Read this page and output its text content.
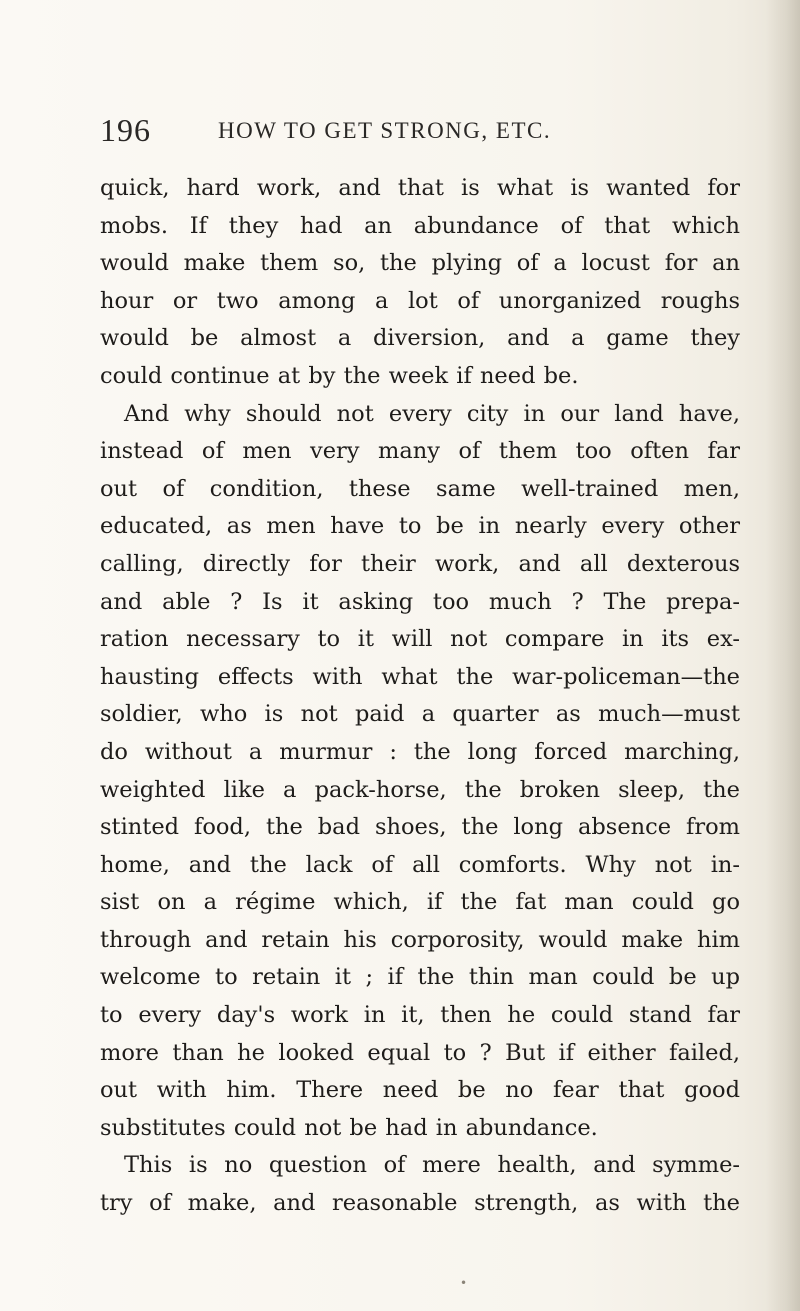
196	HOW TO GET STRONG, ETC.
quick, hard work, and that is what is wanted for
mobs. If they had an abundance of that which
would make them so, the plying of a locust for an
hour or two among a lot of unorganized roughs
would be almost a diversion, and a game they
could continue at by the week if need be.
And why should not every city in our land have,
instead of men very many of them too often far
out of condition, these same well-trained men,
educated, as men have to be in nearly every other
calling, directly for their work, and all dexterous
and able ? Is it asking too much ? The prepa-
ration necessary to it will not compare in its ex-
hausting effects with what the war-policeman—the
soldier, who is not paid a quarter as much—must
do without a murmur : the long forced marching,
weighted like a pack-horse, the broken sleep, the
stinted food, the bad shoes, the long absence from
home, and the lack of all comforts. Why not in-
sist on a régime which, if the fat man could go
through and retain his corporosity, would make him
welcome to retain it ; if the thin man could be up
to every day's work in it, then he could stand far
more than he looked equal to ? But if either failed,
out with him. There need be no fear that good
substitutes could not be had in abundance.
This is no question of mere health, and symme-
try of make, and reasonable strength, as with the
•
